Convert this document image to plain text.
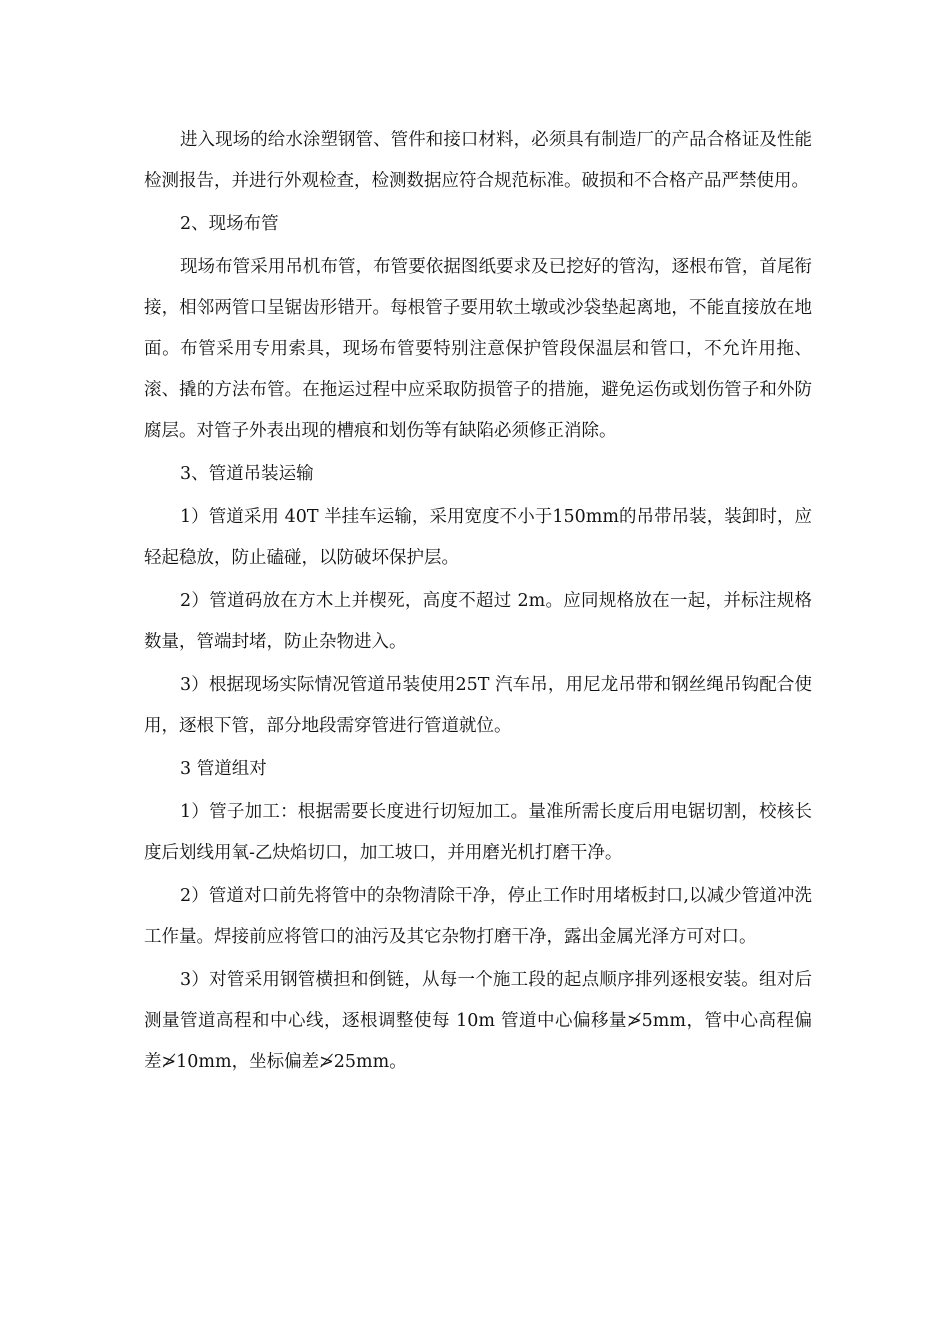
进入现场的给水涂塑钢管、管件和接口材料，必须具有制造厂的产品合格证及性能检测报告，并进行外观检查，检测数据应符合规范标准。破损和不合格产品严禁使用。

2、现场布管

现场布管采用吊机布管，布管要依据图纸要求及已挖好的管沟，逐根布管，首尾衔接，相邻两管口呈锯齿形错开。每根管子要用软土墩或沙袋垫起离地，不能直接放在地面。布管采用专用索具，现场布管要特别注意保护管段保温层和管口，不允许用拖、滚、撬的方法布管。在拖运过程中应采取防损管子的措施，避免运伤或划伤管子和外防腐层。对管子外表出现的槽痕和划伤等有缺陷必须修正消除。

3、管道吊装运输

1）管道采用 40T 半挂车运输，采用宽度不小于150mm的吊带吊装，装卸时，应轻起稳放，防止磕碰，以防破坏保护层。

2）管道码放在方木上并楔死，高度不超过 2m。应同规格放在一起，并标注规格数量，管端封堵，防止杂物进入。

3）根据现场实际情况管道吊装使用25T 汽车吊，用尼龙吊带和钢丝绳吊钩配合使用，逐根下管，部分地段需穿管进行管道就位。

3 管道组对

1）管子加工：根据需要长度进行切短加工。量准所需长度后用电锯切割，校核长度后划线用氧-乙炔焰切口，加工坡口，并用磨光机打磨干净。

2）管道对口前先将管中的杂物清除干净，停止工作时用堵板封口,以减少管道冲洗工作量。焊接前应将管口的油污及其它杂物打磨干净，露出金属光泽方可对口。

3）对管采用钢管横担和倒链，从每一个施工段的起点顺序排列逐根安装。组对后测量管道高程和中心线，逐根调整使每 10m 管道中心偏移量≯5mm，管中心高程偏差≯10mm，坐标偏差≯25mm。
